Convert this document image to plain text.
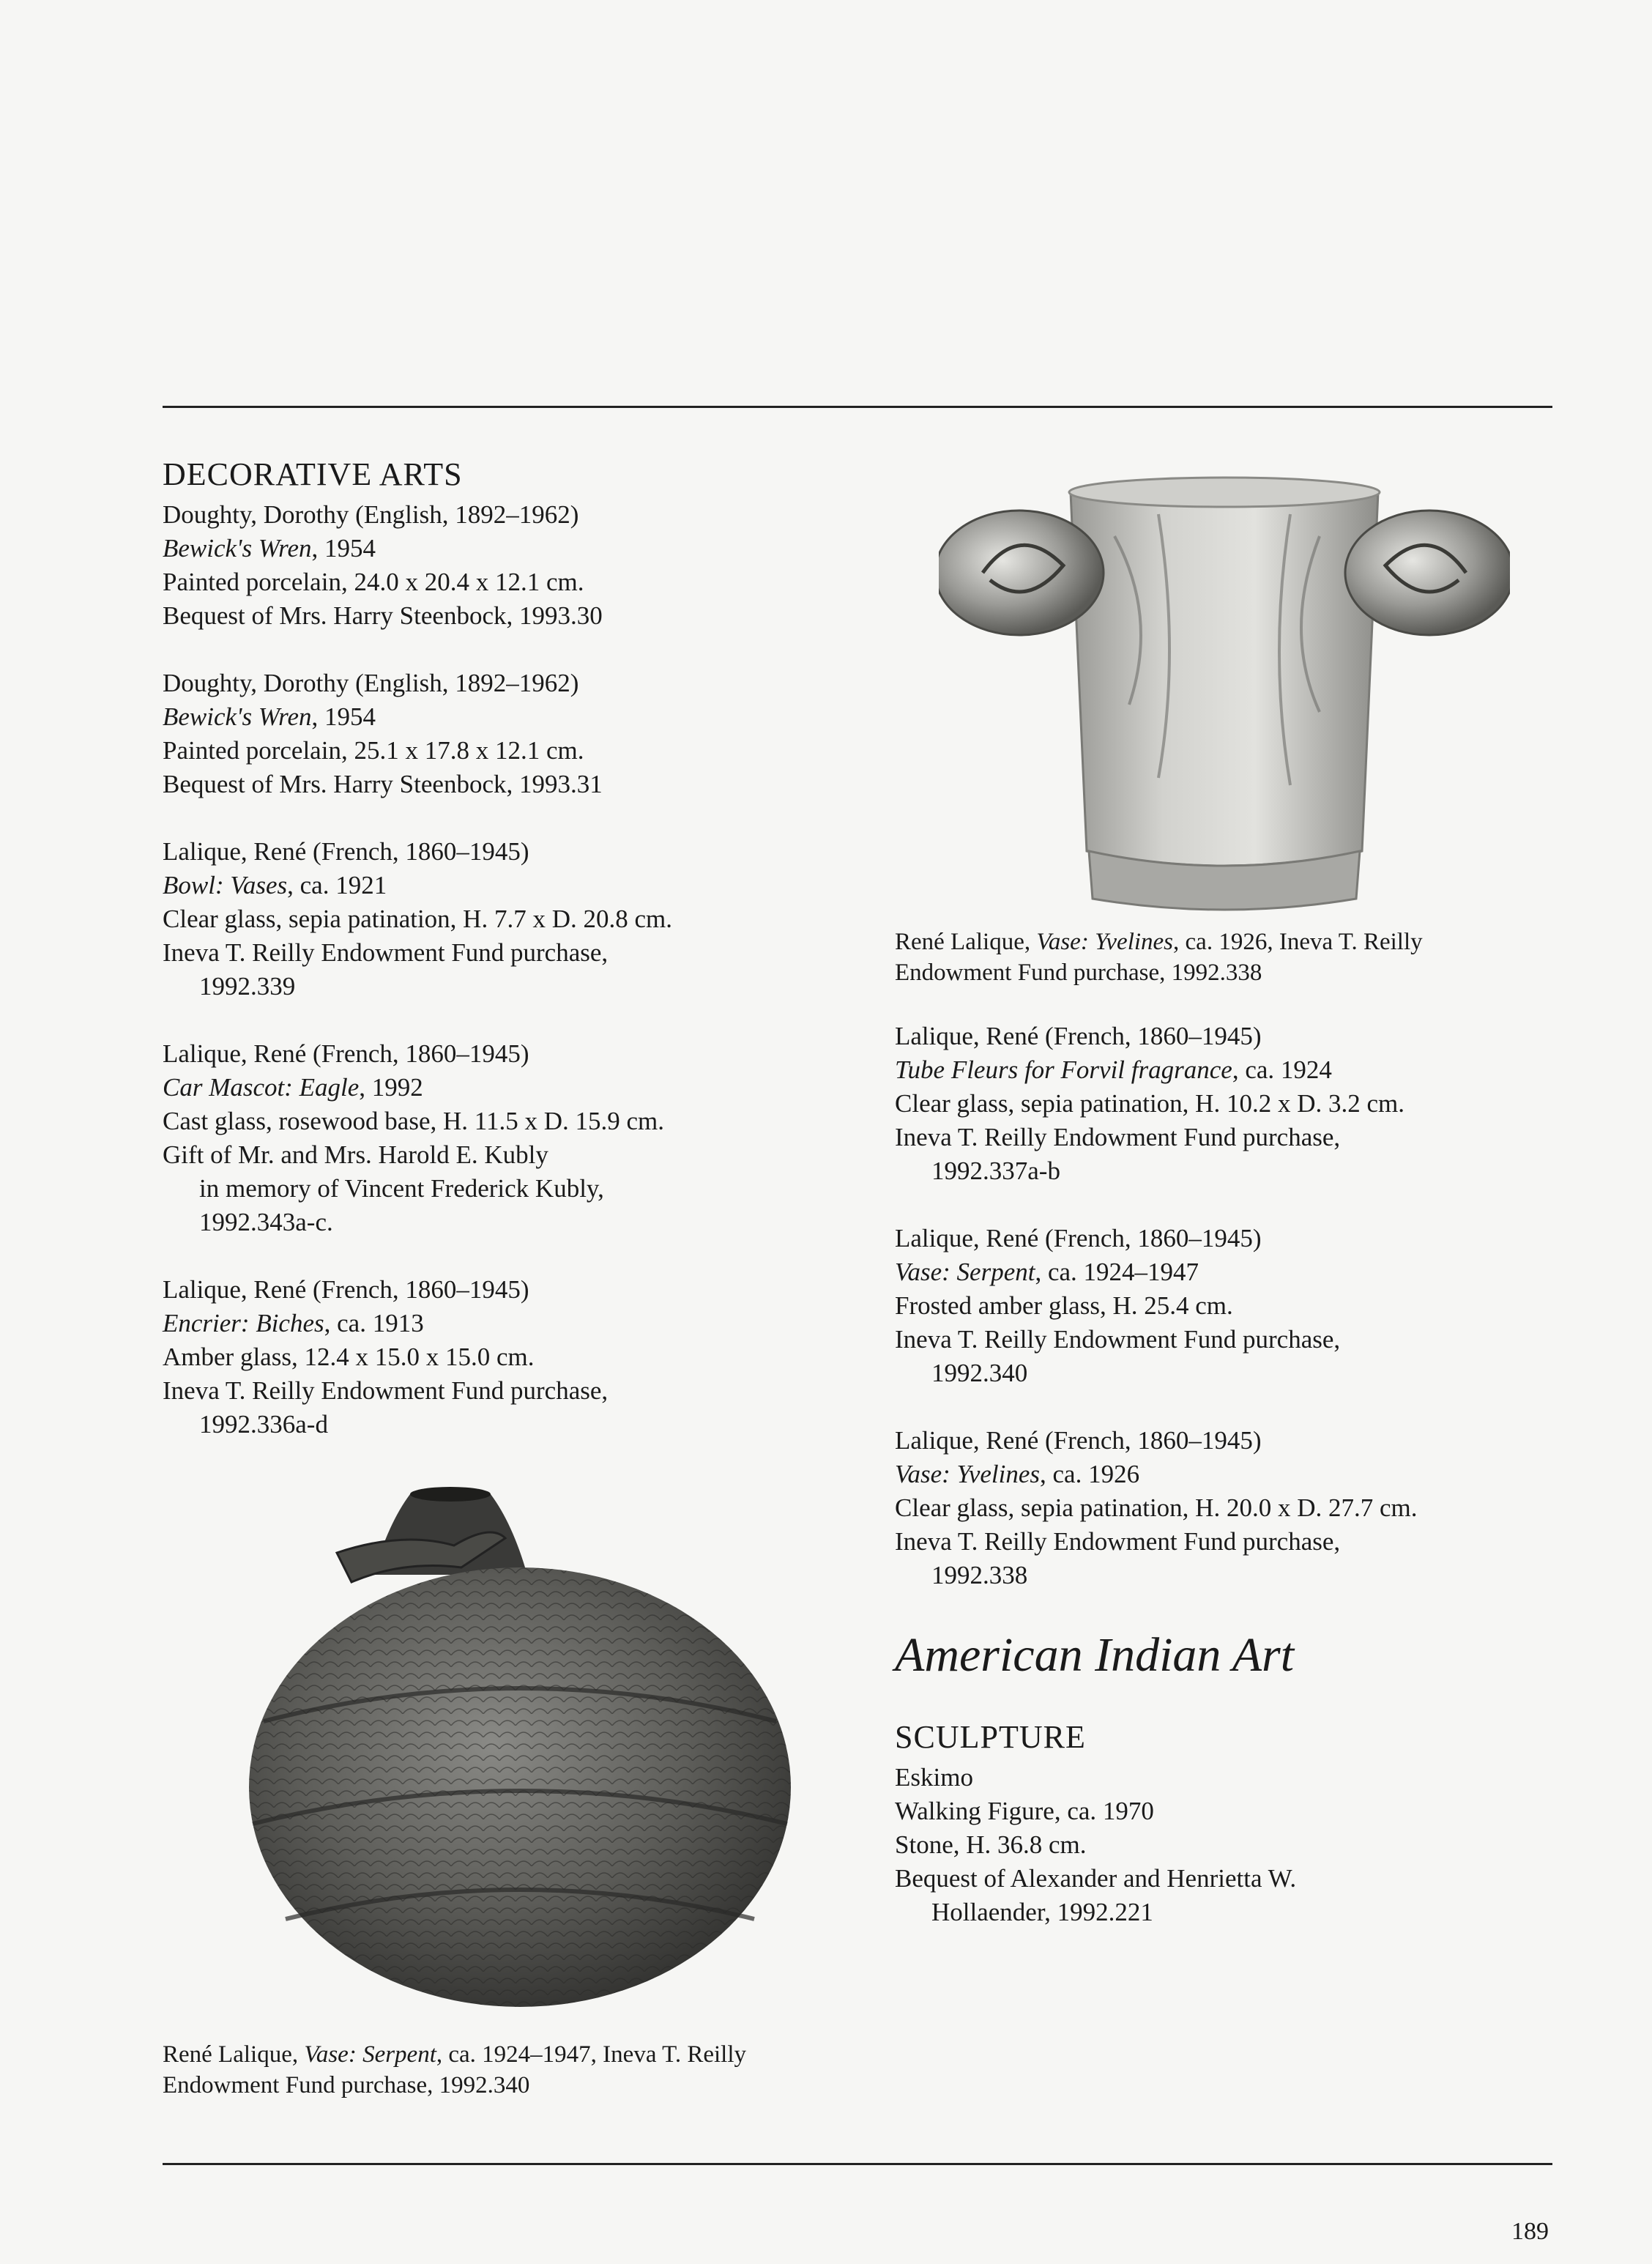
DECORATIVE ARTS
Doughty, Dorothy (English, 1892–1962)
Bewick's Wren, 1954
Painted porcelain, 24.0 x 20.4 x 12.1 cm.
Bequest of Mrs. Harry Steenbock, 1993.30
Doughty, Dorothy (English, 1892–1962)
Bewick's Wren, 1954
Painted porcelain, 25.1 x 17.8 x 12.1 cm.
Bequest of Mrs. Harry Steenbock, 1993.31
Lalique, René (French, 1860–1945)
Bowl: Vases, ca. 1921
Clear glass, sepia patination, H. 7.7 x D. 20.8 cm.
Ineva T. Reilly Endowment Fund purchase,
1992.339
Lalique, René (French, 1860–1945)
Car Mascot: Eagle, 1992
Cast glass, rosewood base, H. 11.5 x D. 15.9 cm.
Gift of Mr. and Mrs. Harold E. Kubly
in memory of Vincent Frederick Kubly,
1992.343a-c.
Lalique, René (French, 1860–1945)
Encrier: Biches, ca. 1913
Amber glass, 12.4 x 15.0 x 15.0 cm.
Ineva T. Reilly Endowment Fund purchase,
1992.336a-d
René Lalique, Vase: Yvelines, ca. 1926, Ineva T. Reilly
Endowment Fund purchase, 1992.338
Lalique, René (French, 1860–1945)
Tube Fleurs for Forvil fragrance, ca. 1924
Clear glass, sepia patination, H. 10.2 x D. 3.2 cm.
Ineva T. Reilly Endowment Fund purchase,
1992.337a-b
Lalique, René (French, 1860–1945)
Vase: Serpent, ca. 1924–1947
Frosted amber glass, H. 25.4 cm.
Ineva T. Reilly Endowment Fund purchase,
1992.340
Lalique, René (French, 1860–1945)
Vase: Yvelines, ca. 1926
Clear glass, sepia patination, H. 20.0 x D. 27.7 cm.
Ineva T. Reilly Endowment Fund purchase,
1992.338
American Indian Art
SCULPTURE
Eskimo
Walking Figure, ca. 1970
Stone, H. 36.8 cm.
Bequest of Alexander and Henrietta W.
Hollaender, 1992.221
René Lalique, Vase: Serpent, ca. 1924–1947, Ineva T. Reilly
Endowment Fund purchase, 1992.340
189
